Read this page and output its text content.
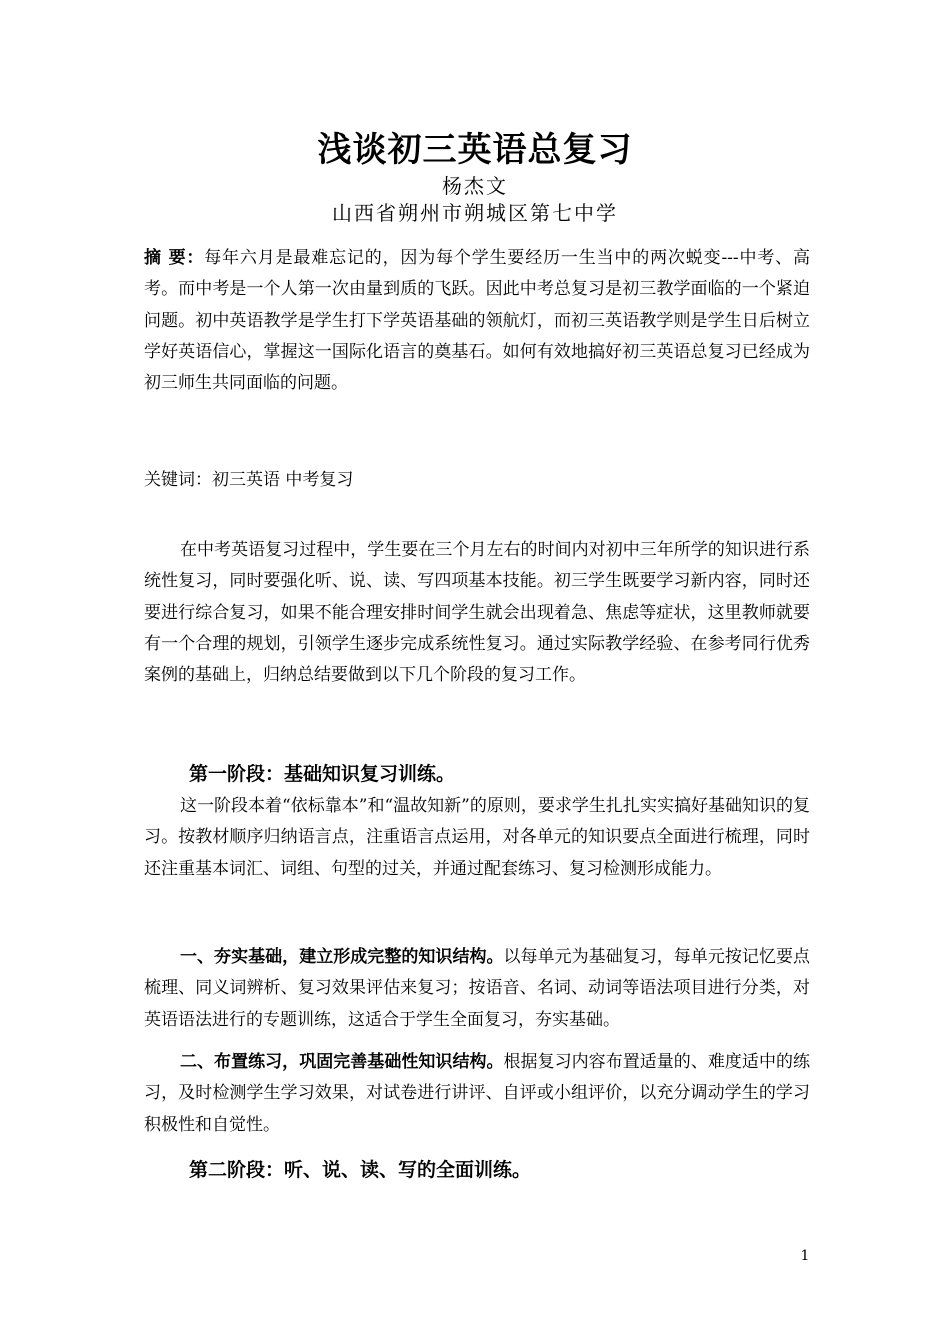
浅谈初三英语总复习
杨杰文
山西省朔州市朔城区第七中学
摘 要：每年六月是最难忘记的，因为每个学生要经历一生当中的两次蜕变---中考、高考。而中考是一个人第一次由量到质的飞跃。因此中考总复习是初三教学面临的一个紧迫问题。初中英语教学是学生打下学英语基础的领航灯，而初三英语教学则是学生日后树立学好英语信心，掌握这一国际化语言的奠基石。如何有效地搞好初三英语总复习已经成为初三师生共同面临的问题。
关键词：初三英语 中考复习
在中考英语复习过程中，学生要在三个月左右的时间内对初中三年所学的知识进行系统性复习，同时要强化听、说、读、写四项基本技能。初三学生既要学习新内容，同时还要进行综合复习，如果不能合理安排时间学生就会出现着急、焦虑等症状，这里教师就要有一个合理的规划，引领学生逐步完成系统性复习。通过实际教学经验、在参考同行优秀案例的基础上，归纳总结要做到以下几个阶段的复习工作。
第一阶段：基础知识复习训练。
这一阶段本着“依标靠本”和“温故知新”的原则，要求学生扎扎实实搞好基础知识的复习。按教材顺序归纳语言点，注重语言点运用，对各单元的知识要点全面进行梳理，同时还注重基本词汇、词组、句型的过关，并通过配套练习、复习检测形成能力。
一、夯实基础，建立形成完整的知识结构。以每单元为基础复习，每单元按记忆要点梳理、同义词辨析、复习效果评估来复习；按语音、名词、动词等语法项目进行分类，对英语语法进行的专题训练，这适合于学生全面复习，夯实基础。
二、布置练习，巩固完善基础性知识结构。根据复习内容布置适量的、难度适中的练习，及时检测学生学习效果，对试卷进行讲评、自评或小组评价，以充分调动学生的学习积极性和自觉性。
第二阶段：听、说、读、写的全面训练。
1
